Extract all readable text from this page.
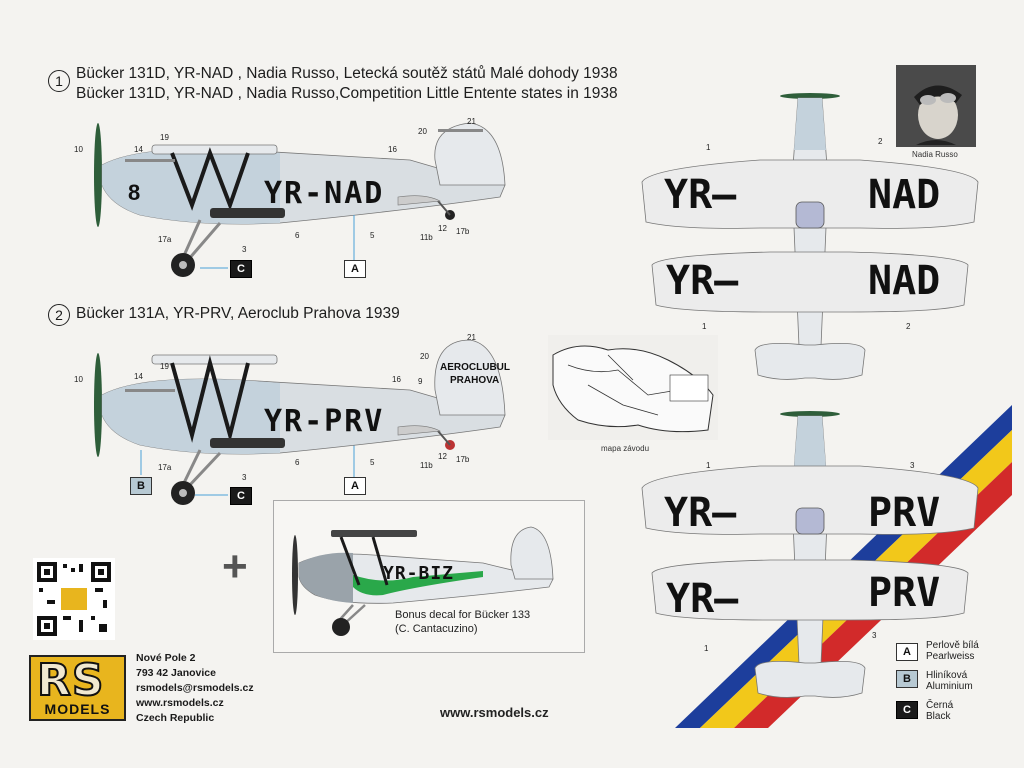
1 Bücker 131D, YR-NAD , Nadia Russo, Letecká soutěž států Malé dohody 1938
Bücker 131D, YR-NAD , Nadia Russo,Competition Little Entente states in 1938
8	YR-NAD
10	14
19
17a
3
6	5
16
20
21
12
11b
17b
C	A
2 Bücker 131A, YR-PRV, Aeroclub Prahova 1939
YR-PRV
AEROCLUBUL
PRAHOVA
10	14
19
17a
3
6	5
16
20
21
9
12
11b
17b
B
C
A
+	YR-BIZ
Bonus decal for Bücker 133
(C. Cantacuzino)
mapa závodu
Nadia Russo
YR–	NAD
YR–	NAD
1
2
1	2
YR–	PRV
YR–	PRV
1	3
1
3
A
Perlově bílá
Pearlweiss
B	Hliníková
Aluminium
C	Černá
Black
RS
MODELS
Nové Pole 2
793 42 Janovice
rsmodels@rsmodels.cz
www.rsmodels.cz
Czech Republic	www.rsmodels.cz
